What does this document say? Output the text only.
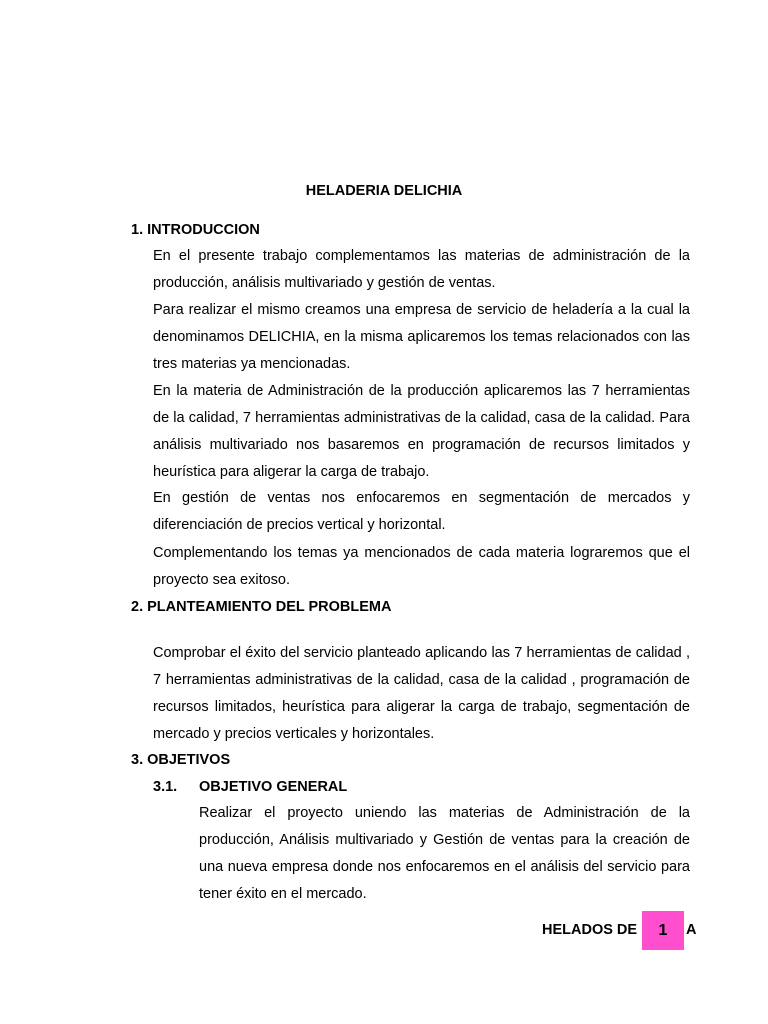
HELADERIA DELICHIA
1. INTRODUCCION

En el presente trabajo complementamos las materias de administración de la producción, análisis multivariado y gestión de ventas.

Para realizar el mismo creamos una empresa de servicio de heladería a la cual la denominamos DELICHIA, en la misma aplicaremos los temas relacionados con las tres materias ya mencionadas.

En la materia de Administración de la producción aplicaremos las 7 herramientas de la calidad, 7 herramientas administrativas de la calidad, casa de la calidad. Para análisis multivariado nos basaremos en programación de recursos limitados y heurística para aligerar la carga de trabajo.

En gestión de ventas nos enfocaremos en segmentación de mercados y diferenciación de precios vertical y horizontal.

Complementando los temas ya mencionados de cada materia lograremos que el proyecto sea exitoso.

2. PLANTEAMIENTO DEL PROBLEMA

Comprobar el éxito del servicio planteado aplicando las 7 herramientas de calidad , 7 herramientas administrativas de la calidad, casa de la calidad , programación de recursos limitados, heurística para aligerar la carga de trabajo, segmentación de mercado y precios verticales y horizontales.

3. OBJETIVOS
3.1. OBJETIVO GENERAL

Realizar el proyecto uniendo las materias de Administración de la producción, Análisis multivariado y Gestión de ventas para la creación de una nueva empresa donde nos enfocaremos en el análisis del servicio para tener éxito en el mercado.

HELADOS DE	A
1
